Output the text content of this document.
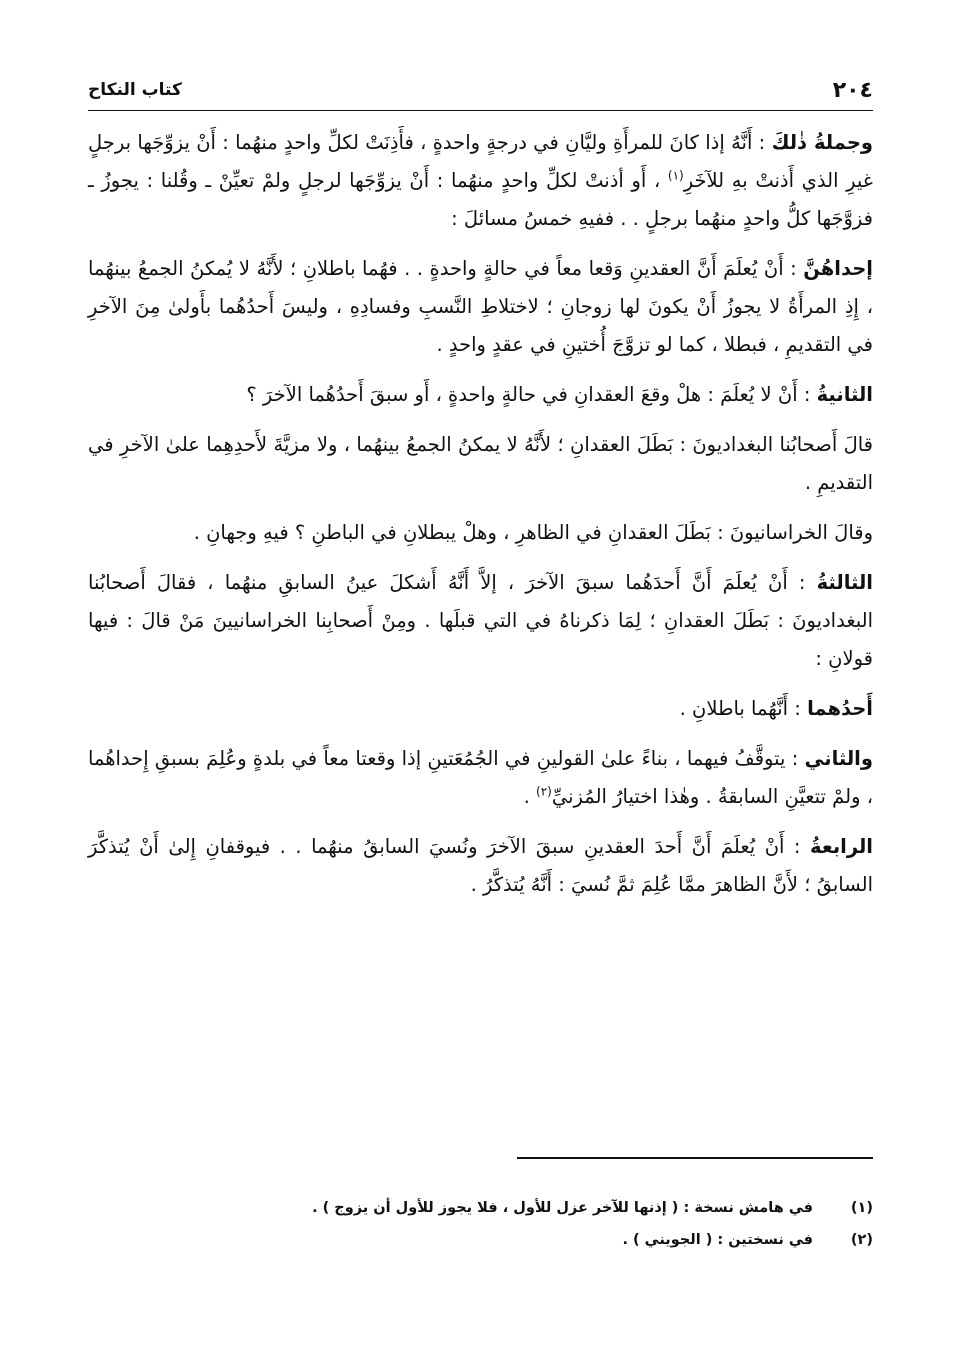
٢٠٤
كتاب النكاح

وجملةُ ذٰلكَ : أَنَّهُ إذا كانَ للمرأَةِ وليَّانِ في درجةٍ واحدةٍ ، فأَذِنَتْ لكلِّ واحدٍ منهُما : أَنْ يزوِّجَها برجلٍ غيرِ الذي أَذنتْ بهِ للآخَرِ$^{(١)}$ ، أَو أذنتْ لكلِّ واحدٍ منهُما : أَنْ يزوِّجَها لرجلٍ ولمْ تعيِّنْ ـ وقُلنا : يجوزُ ـ فزوَّجَها كلُّ واحدٍ منهُما برجلٍ . . ففيهِ خمسُ مسائلَ :

إحداهُنَّ : أَنْ يُعلَمَ أَنَّ العقدينِ وَقعا معاً في حالةٍ واحدةٍ . . فهُما باطلانِ ؛ لأَنَّهُ لا يُمكنُ الجمعُ بينهُما ، إِذِ المرأَةُ لا يجوزُ أَنْ يكونَ لها زوجانِ ؛ لاختلاطِ النَّسبِ وفسادِهِ ، وليسَ أَحدُهُما بأَولىٰ مِنَ الآخرِ في التقديمِ ، فبطلا ، كما لو تزوَّجَ أُختينِ في عقدٍ واحدٍ .

الثانيةُ : أَنْ لا يُعلَمَ : هلْ وقعَ العقدانِ في حالةٍ واحدةٍ ، أَو سبقَ أَحدُهُما الآخرَ ؟

قالَ أَصحابُنا البغداديونَ : بَطَلَ العقدانِ ؛ لأَنَّهُ لا يمكنُ الجمعُ بينهُما ، ولا مزيَّةَ لأَحدِهِما علىٰ الآخرِ في التقديمِ .

وقالَ الخراسانيونَ : بَطَلَ العقدانِ في الظاهرِ ، وهلْ يبطلانِ في الباطنِ ؟ فيهِ وجهانِ .

الثالثةُ : أَنْ يُعلَمَ أَنَّ أَحدَهُما سبقَ الآخرَ ، إلاَّ أَنَّهُ أَشكلَ عينُ السابقِ منهُما ، فقالَ أَصحابُنا البغداديونَ : بَطَلَ العقدانِ ؛ لِمَا ذكرناهُ في التي قبلَها . ومِنْ أَصحابِنا الخراسانيينَ مَنْ قالَ : فيها قولانِ :

أَحدُهما : أَنَّهُما باطلانِ .

والثاني : يتوقَّفُ فيهما ، بناءً علىٰ القولينِ في الجُمُعَتينِ إذا وقعتا معاً في بلدةٍ وعُلِمَ بسبقِ إِحداهُما ، ولمْ تتعيَّنِ السابقةُ . وهٰذا اختيارُ المُزنيِّ$^{(٢)}$ .

الرابعةُ : أَنْ يُعلَمَ أَنَّ أَحدَ العقدينِ سبقَ الآخرَ ونُسيَ السابقُ منهُما . . فيوقفانِ إِلىٰ أَنْ يُتذكَّرَ السابقُ ؛ لأَنَّ الظاهرَ ممَّا عُلِمَ ثمَّ نُسيَ : أَنَّهُ يُتذكَّرُ .

(١)
في هامش نسخة : ( إذنها للآخر عزل للأول ، فلا يجوز للأول أن يزوج ) .
(٢)
في نسختين : ( الجويني ) .
